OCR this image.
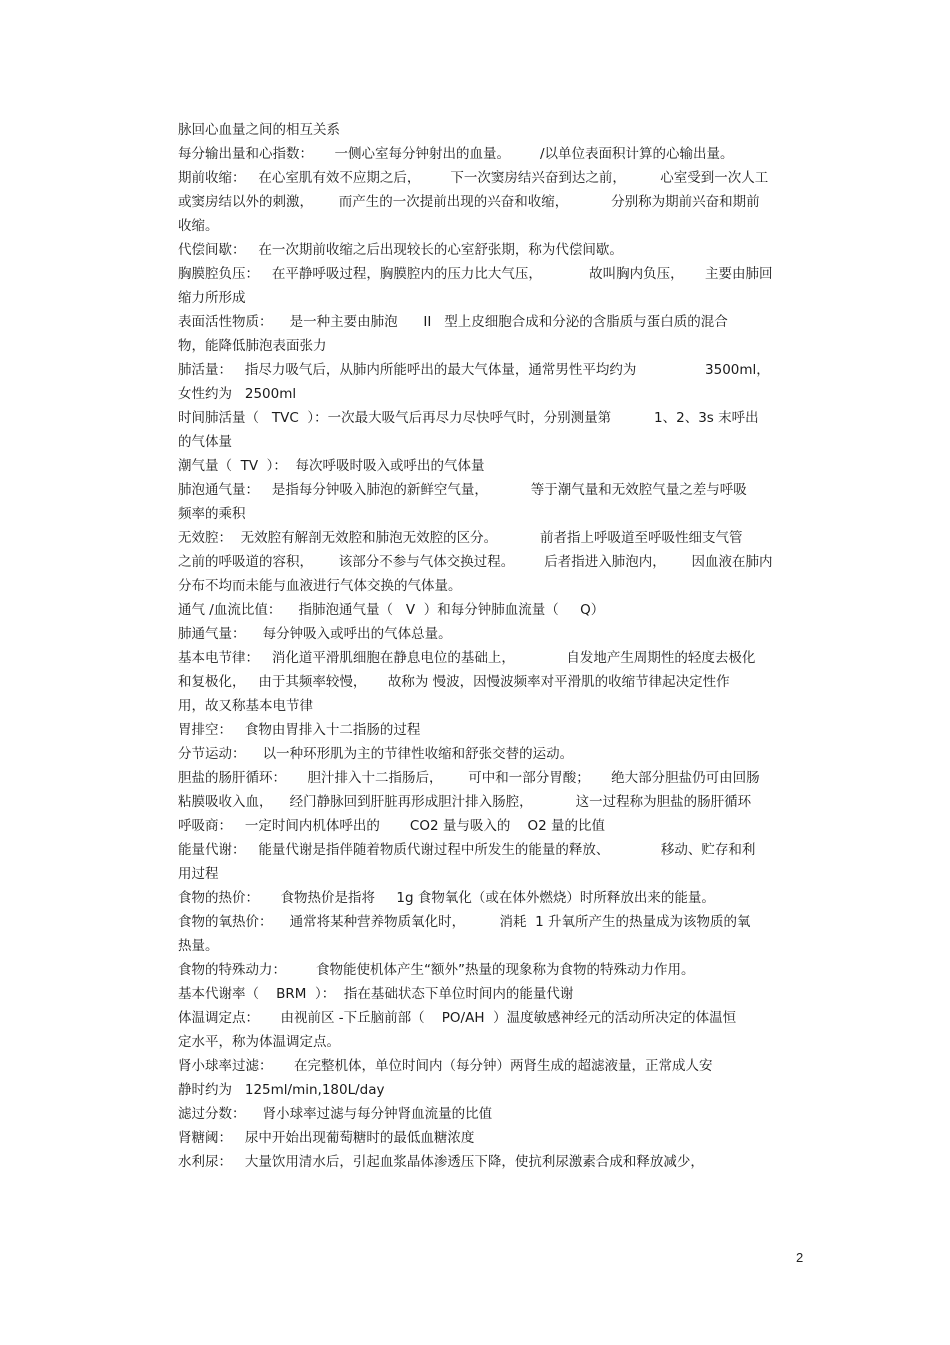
脉回心血量之间的相互关系

每分输出量和心指数：     一侧心室每分钟射出的血量。       /以单位表面积计算的心输出量。

期前收缩：   在心室肌有效不应期之后，       下一次窦房结兴奋到达之前，        心室受到一次人工
或窦房结以外的刺激，      而产生的一次提前出现的兴奋和收缩，          分别称为期前兴奋和期前
收缩。

代偿间歇：   在一次期前收缩之后出现较长的心室舒张期，称为代偿间歇。

胸膜腔负压：   在平静呼吸过程，胸膜腔内的压力比大气压，           故叫胸内负压，     主要由肺回
缩力所形成

表面活性物质：    是一种主要由肺泡      II   型上皮细胞合成和分泌的含脂质与蛋白质的混合
物，能降低肺泡表面张力

肺活量：   指尽力吸气后，从肺内所能呼出的最大气体量，通常男性平均约为                3500ml，
女性约为   2500ml

时间肺活量（   TVC  ）：一次最大吸气后再尽力尽快呼气时，分别测量第          1、2、3s 末呼出
的气体量

潮气量（  TV  ）：  每次呼吸时吸入或呼出的气体量

肺泡通气量：   是指每分钟吸入肺泡的新鲜空气量，          等于潮气量和无效腔气量之差与呼吸
频率的乘积

无效腔：  无效腔有解剖无效腔和肺泡无效腔的区分。          前者指上呼吸道至呼吸性细支气管
之前的呼吸道的容积，      该部分不参与气体交换过程。       后者指进入肺泡内，      因血液在肺内
分布不均而未能与血液进行气体交换的气体量。

通气 /血流比值：    指肺泡通气量（   V  ）和每分钟肺血流量（     Q）

肺通气量：    每分钟吸入或呼出的气体总量。

基本电节律：   消化道平滑肌细胞在静息电位的基础上，            自发地产生周期性的轻度去极化
和复极化，   由于其频率较慢，     故称为 慢波，因慢波频率对平滑肌的收缩节律起决定性作
用，故又称基本电节律

胃排空：   食物由胃排入十二指肠的过程

分节运动：    以一种环形肌为主的节律性收缩和舒张交替的运动。

胆盐的肠肝循环：     胆汁排入十二指肠后，      可中和一部分胃酸；     绝大部分胆盐仍可由回肠
粘膜吸收入血，    经门静脉回到肝脏再形成胆汁排入肠腔，          这一过程称为胆盐的肠肝循环

呼吸商：   一定时间内机体呼出的       CO2 量与吸入的    O2 量的比值

能量代谢：   能量代谢是指伴随着物质代谢过程中所发生的能量的释放、            移动、贮存和利
用过程

食物的热价：     食物热价是指将     1g 食物氧化（或在体外燃烧）时所释放出来的能量。

食物的氧热价：    通常将某种营养物质氧化时，        消耗  1 升氧所产生的热量成为该物质的氧
热量。

食物的特殊动力：       食物能使机体产生“额外”热量的现象称为食物的特殊动力作用。

基本代谢率（    BRM  ）：  指在基础状态下单位时间内的能量代谢

体温调定点：     由视前区 -下丘脑前部（    PO/AH  ）温度敏感神经元的活动所决定的体温恒
定水平，称为体温调定点。

肾小球率过滤：     在完整机体，单位时间内（每分钟）两肾生成的超滤液量，正常成人安
静时约为   125ml/min,180L/day

滤过分数：    肾小球率过滤与每分钟肾血流量的比值

肾糖阈：   尿中开始出现葡萄糖时的最低血糖浓度

水利尿：   大量饮用清水后，引起血浆晶体渗透压下降，使抗利尿激素合成和释放减少，

2
